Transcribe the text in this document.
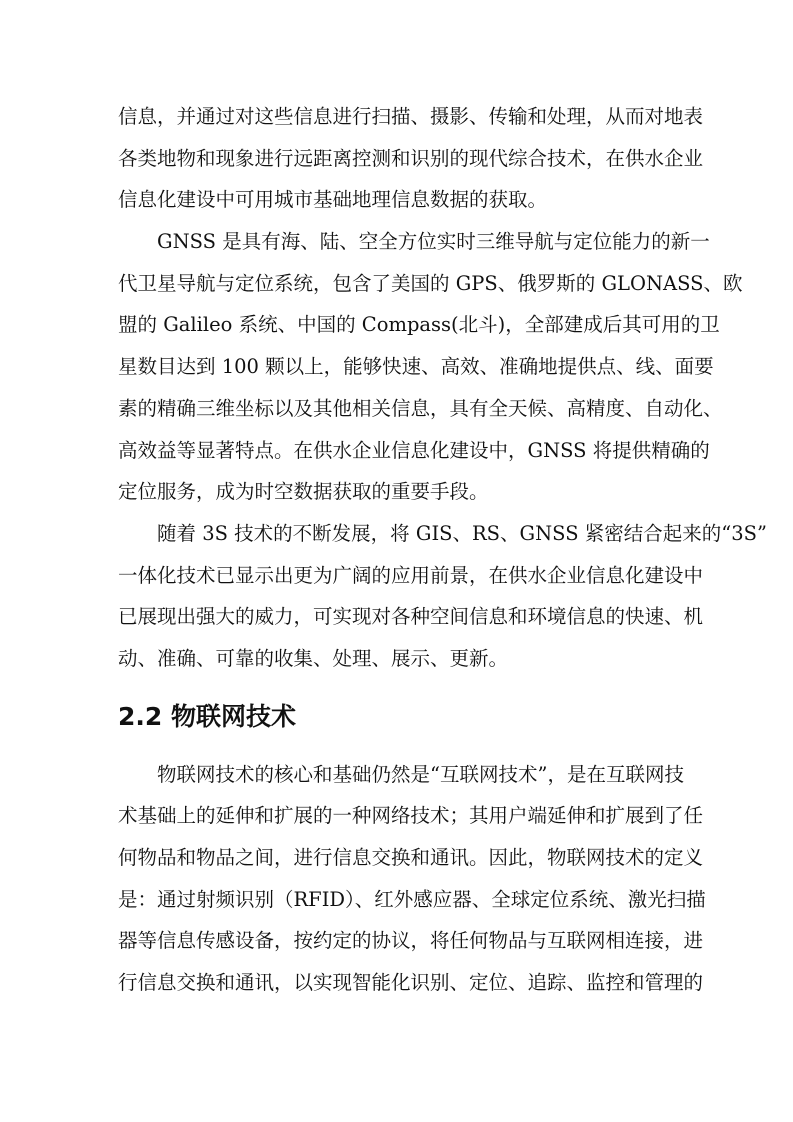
信息，并通过对这些信息进行扫描、摄影、传输和处理，从而对地表
各类地物和现象进行远距离控测和识别的现代综合技术，在供水企业
信息化建设中可用城市基础地理信息数据的获取。
GNSS 是具有海、陆、空全方位实时三维导航与定位能力的新一
代卫星导航与定位系统，包含了美国的 GPS、俄罗斯的 GLONASS、欧
盟的 Galileo 系统、中国的 Compass(北斗)，全部建成后其可用的卫
星数目达到 100 颗以上，能够快速、高效、准确地提供点、线、面要
素的精确三维坐标以及其他相关信息，具有全天候、高精度、自动化、
高效益等显著特点。在供水企业信息化建设中，GNSS 将提供精确的
定位服务，成为时空数据获取的重要手段。
随着 3S 技术的不断发展，将 GIS、RS、GNSS 紧密结合起来的“3S”
一体化技术已显示出更为广阔的应用前景，在供水企业信息化建设中
已展现出强大的威力，可实现对各种空间信息和环境信息的快速、机
动、准确、可靠的收集、处理、展示、更新。
2.2 物联网技术
物联网技术的核心和基础仍然是“互联网技术”，是在互联网技
术基础上的延伸和扩展的一种网络技术；其用户端延伸和扩展到了任
何物品和物品之间，进行信息交换和通讯。因此，物联网技术的定义
是：通过射频识别（RFID）、红外感应器、全球定位系统、激光扫描
器等信息传感设备，按约定的协议，将任何物品与互联网相连接，进
行信息交换和通讯，以实现智能化识别、定位、追踪、监控和管理的
